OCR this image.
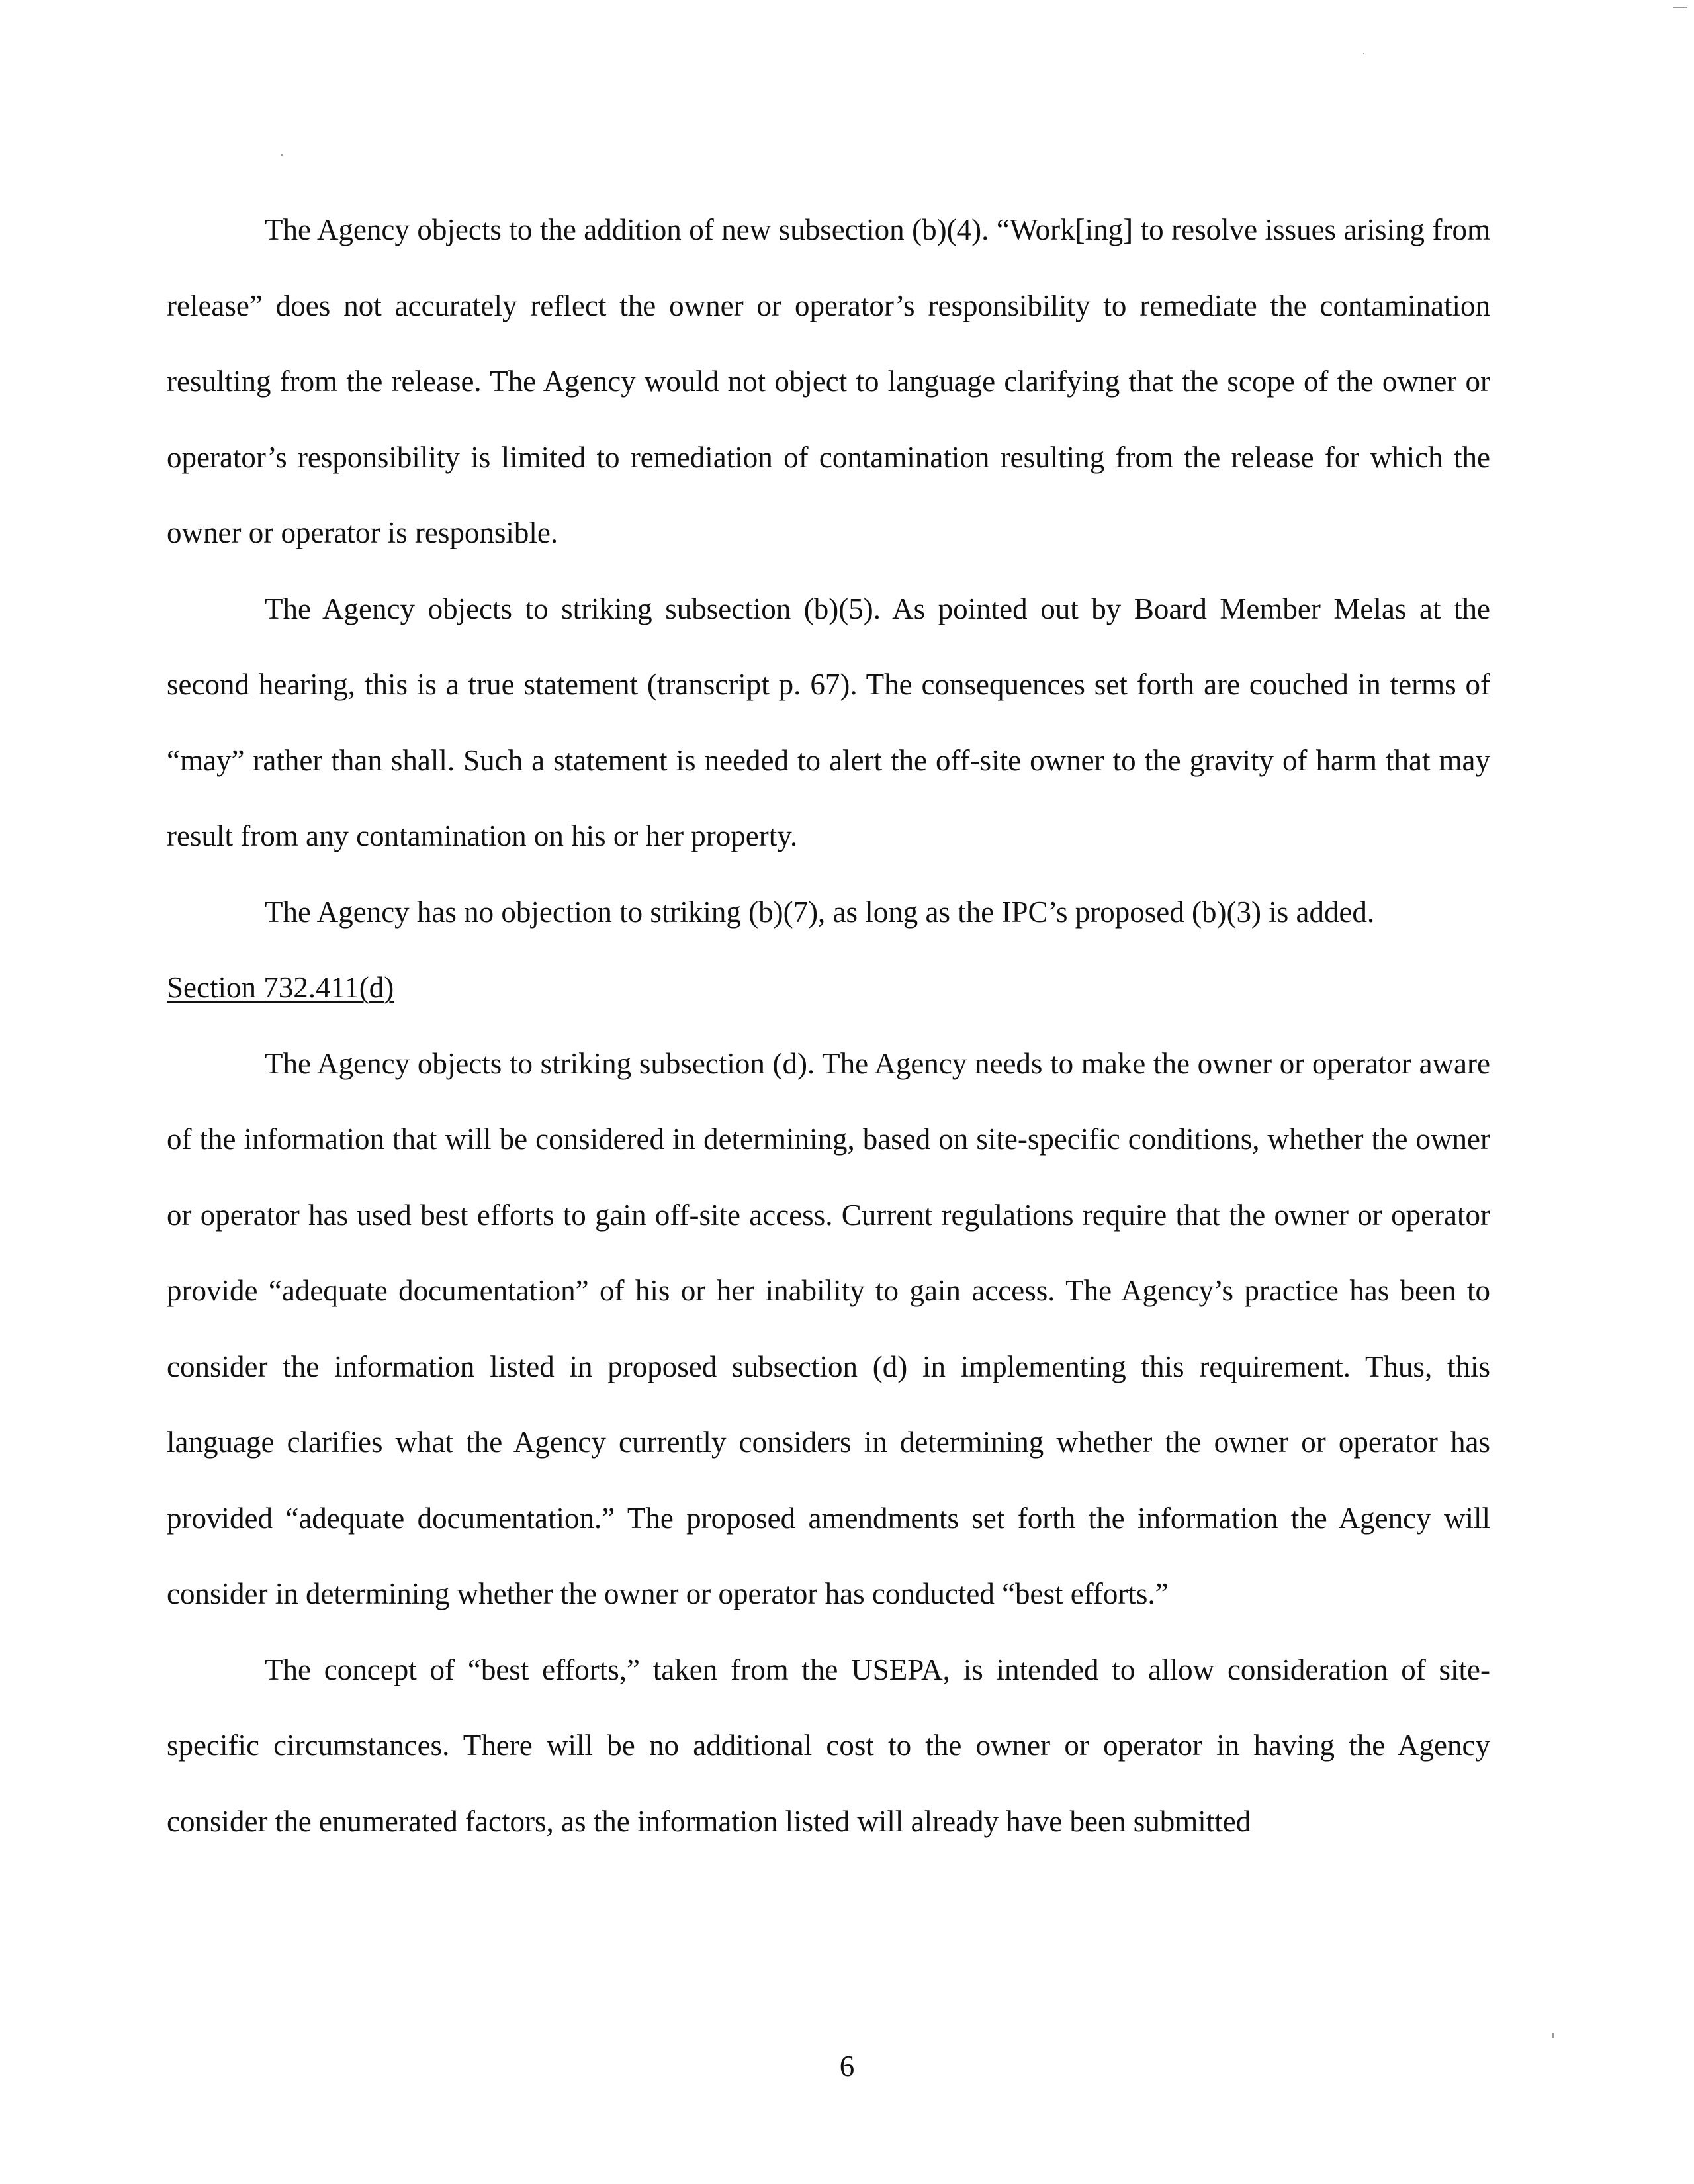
The Agency objects to the addition of new subsection (b)(4). “Work[ing] to resolve issues arising from release” does not accurately reflect the owner or operator’s responsibility to remediate the contamination resulting from the release. The Agency would not object to language clarifying that the scope of the owner or operator’s responsibility is limited to remediation of contamination resulting from the release for which the owner or operator is responsible.

The Agency objects to striking subsection (b)(5). As pointed out by Board Member Melas at the second hearing, this is a true statement (transcript p. 67). The consequences set forth are couched in terms of “may” rather than shall. Such a statement is needed to alert the off-site owner to the gravity of harm that may result from any contamination on his or her property.

The Agency has no objection to striking (b)(7), as long as the IPC’s proposed (b)(3) is added.

Section 732.411(d)

The Agency objects to striking subsection (d). The Agency needs to make the owner or operator aware of the information that will be considered in determining, based on site-specific conditions, whether the owner or operator has used best efforts to gain off-site access. Current regulations require that the owner or operator provide “adequate documentation” of his or her inability to gain access. The Agency’s practice has been to consider the information listed in proposed subsection (d) in implementing this requirement. Thus, this language clarifies what the Agency currently considers in determining whether the owner or operator has provided “adequate documentation.” The proposed amendments set forth the information the Agency will consider in determining whether the owner or operator has conducted “best efforts.”

The concept of “best efforts,” taken from the USEPA, is intended to allow consideration of site-specific circumstances. There will be no additional cost to the owner or operator in having the Agency consider the enumerated factors, as the information listed will already have been submitted

6
